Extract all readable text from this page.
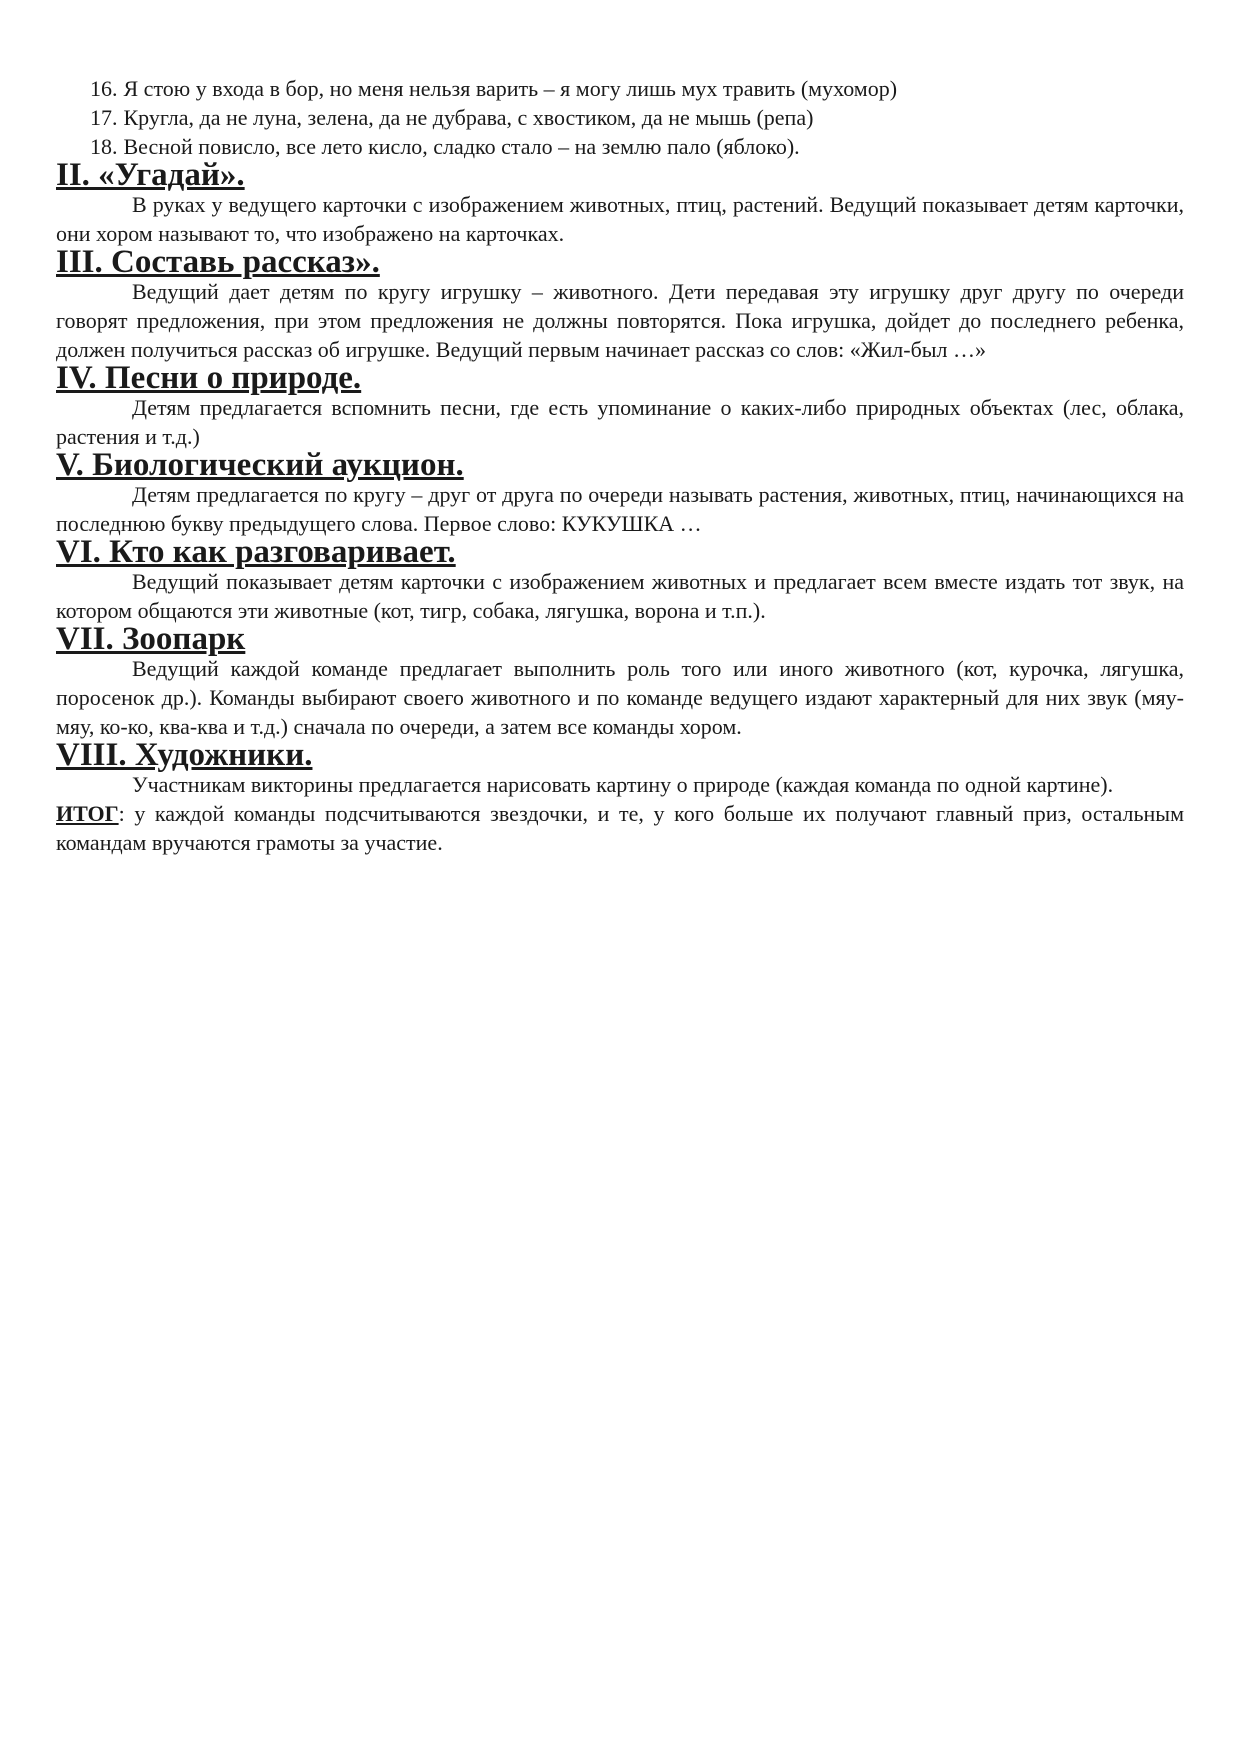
16. Я стою у входа в бор, но меня нельзя варить – я могу лишь мух травить (мухомор)
17. Кругла, да не луна, зелена, да не дубрава, с хвостиком, да не мышь (репа)
18. Весной повисло, все лето кисло, сладко стало – на землю пало (яблоко).
II. «Угадай».

В руках у ведущего карточки с изображением животных, птиц, растений. Ведущий показывает детям карточки, они хором называют то, что изображено на карточках.

III. Составь рассказ».

Ведущий дает детям по кругу игрушку – животного. Дети передавая эту игрушку друг другу по очереди говорят предложения, при этом предложения не должны повторятся. Пока игрушка, дойдет до последнего ребенка, должен получиться рассказ об игрушке. Ведущий первым начинает рассказ со слов: «Жил-был …»

IV. Песни о природе.

Детям предлагается вспомнить песни, где есть упоминание о каких-либо природных объектах (лес, облака, растения и т.д.)

V. Биологический аукцион.

Детям предлагается по кругу – друг от друга по очереди называть растения, животных, птиц, начинающихся на последнюю букву предыдущего слова. Первое слово: КУКУШКА …

VI. Кто как разговаривает.

Ведущий показывает детям карточки с изображением животных и предлагает всем вместе издать тот звук, на котором общаются эти животные (кот, тигр, собака, лягушка, ворона и т.п.).

VII. Зоопарк

Ведущий каждой команде предлагает выполнить роль того или иного животного (кот, курочка, лягушка, поросенок др.). Команды выбирают своего животного и по команде ведущего издают характерный для них звук (мяу-мяу, ко-ко, ква-ква и т.д.) сначала по очереди, а затем все команды хором.

VIII. Художники.

Участникам викторины предлагается нарисовать картину о природе (каждая команда по одной картине).

ИТОГ: у каждой команды подсчитываются звездочки, и те, у кого больше их получают главный приз, остальным командам вручаются грамоты за участие.
